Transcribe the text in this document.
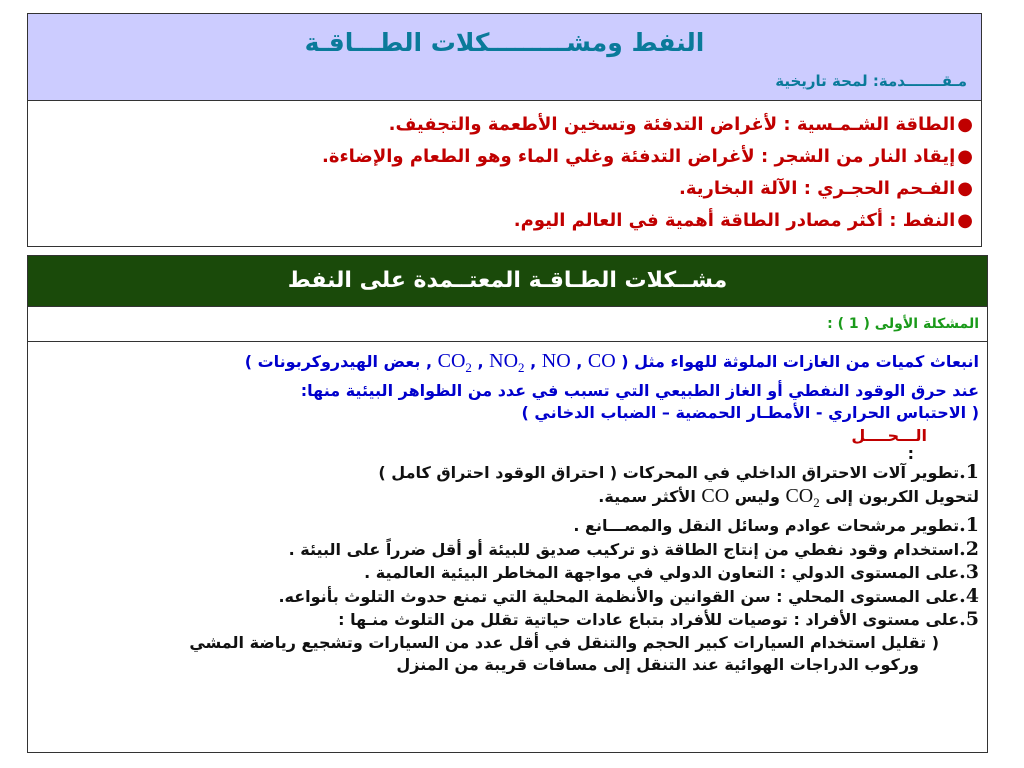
النفط ومشـــــــــكلات الطـــاقـة
مـقـــــــدمة: لمحة تاريخية
●الطاقة الشـمـسية : لأغراض التدفئة وتسخين الأطعمة والتجفيف.
●إيقاد النار من الشجر : لأغراض التدفئة وغلي الماء وهو الطعام والإضاءة.
●الفـحم الحجـري : الآلة البخارية.
●النفط : أكثر مصادر الطاقة أهمية في العالم اليوم.
مشــكلات الطـاقـة المعتــمدة على النفط
المشكلة الأولى ( 1 ) :
انبعاث كميات من الغازات الملوثة للهواء مثل ( $CO_2$ , $NO_2$ , NO , CO , بعض الهيدروكربونات )
عند حرق الوقود النفطي أو الغاز الطبيعي التي تسبب في عدد من الظواهر البيئية منها:
( الاحتباس الحراري - الأمطـار الحمضية – الضباب الدخاني )
الـــحــــل
:
1.تطوير آلات الاحتراق الداخلي في المحركات ( احتراق الوقود احتراق كامل )
لتحويل الكربون إلى $CO_2$ وليس CO الأكثر سمية.
1.تطوير مرشحات عوادم وسائل النقل والمصـــانع .
2.استخدام وقود نفطي من إنتاج الطاقة ذو تركيب صديق للبيئة أو أقل ضرراً على البيئة .
3.على المستوى الدولي : التعاون الدولي في مواجهة المخاطر البيئية العالمية .
4.على المستوى المحلي : سن القوانين والأنظمة المحلية التي تمنع حدوث التلوث بأنواعه.
5.على مستوى الأفراد : توصيات للأفراد بتباع عادات حياتية تقلل من التلوث منـها :
( تقليل استخدام السيارات كبير الحجم والتنقل في أقل عدد من السيارات وتشجيع رياضة المشي
وركوب الدراجات الهوائية عند التنقل إلى مسافات قريبة من المنزل
